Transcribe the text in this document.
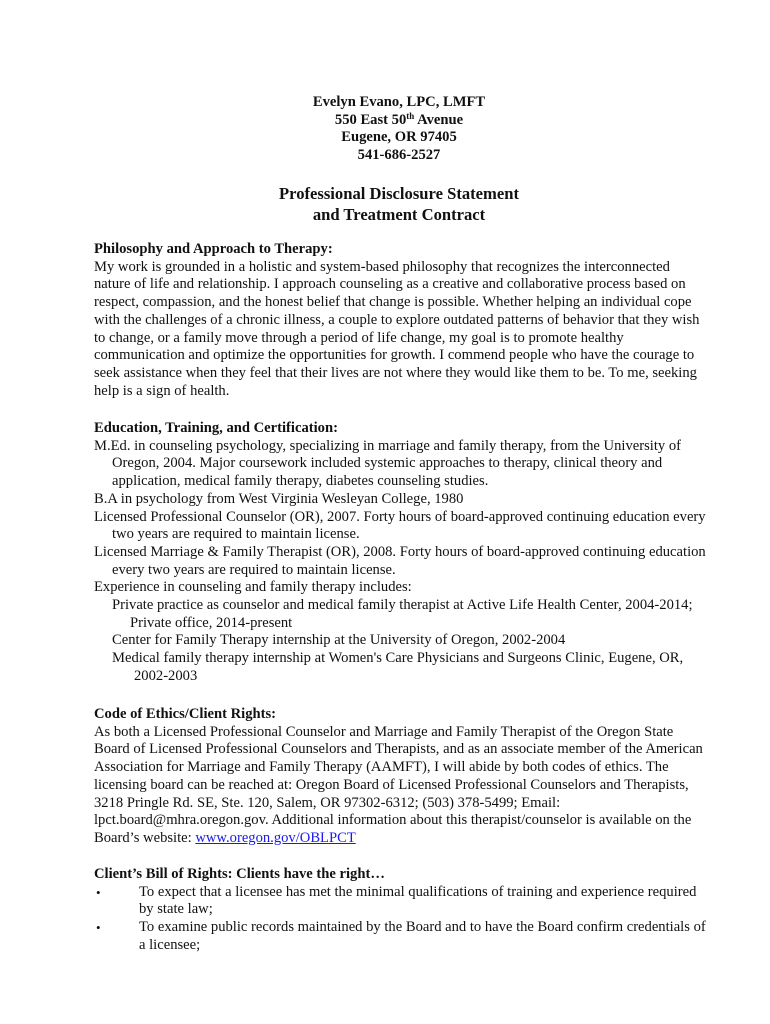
Evelyn Evano, LPC, LMFT
550 East 50th Avenue
Eugene, OR 97405
541-686-2527
Professional Disclosure Statement
and Treatment Contract
Philosophy and Approach to Therapy:

My work is grounded in a holistic and system-based philosophy that recognizes the interconnected nature of life and relationship. I approach counseling as a creative and collaborative process based on respect, compassion, and the honest belief that change is possible. Whether helping an individual cope with the challenges of a chronic illness, a couple to explore outdated patterns of behavior that they wish to change, or a family move through a period of life change, my goal is to promote healthy communication and optimize the opportunities for growth. I commend people who have the courage to seek assistance when they feel that their lives are not where they would like them to be. To me, seeking help is a sign of health.

Education, Training, and Certification:
M.Ed. in counseling psychology, specializing in marriage and family therapy, from the University of Oregon, 2004. Major coursework included systemic approaches to therapy, clinical theory and application, medical family therapy, diabetes counseling studies.
B.A in psychology from West Virginia Wesleyan College, 1980
Licensed Professional Counselor (OR), 2007. Forty hours of board-approved continuing education every two years are required to maintain license.
Licensed Marriage & Family Therapist (OR), 2008. Forty hours of board-approved continuing education every two years are required to maintain license.
Experience in counseling and family therapy includes:
Private practice as counselor and medical family therapist at Active Life Health Center, 2004-2014; Private office, 2014-present
Center for Family Therapy internship at the University of Oregon, 2002-2004
Medical family therapy internship at Women's Care Physicians and Surgeons Clinic, Eugene, OR, 2002-2003
Code of Ethics/Client Rights:

As both a Licensed Professional Counselor and Marriage and Family Therapist of the Oregon State Board of Licensed Professional Counselors and Therapists, and as an associate member of the American Association for Marriage and Family Therapy (AAMFT), I will abide by both codes of ethics. The licensing board can be reached at: Oregon Board of Licensed Professional Counselors and Therapists, 3218 Pringle Rd. SE, Ste. 120, Salem, OR 97302-6312; (503) 378-5499; Email: lpct.board@mhra.oregon.gov. Additional information about this therapist/counselor is available on the Board’s website: www.oregon.gov/OBLPCT

Client’s Bill of Rights: Clients have the right…
•	To expect that a licensee has met the minimal qualifications of training and experience required by state law;
•	To examine public records maintained by the Board and to have the Board confirm credentials of a licensee;
